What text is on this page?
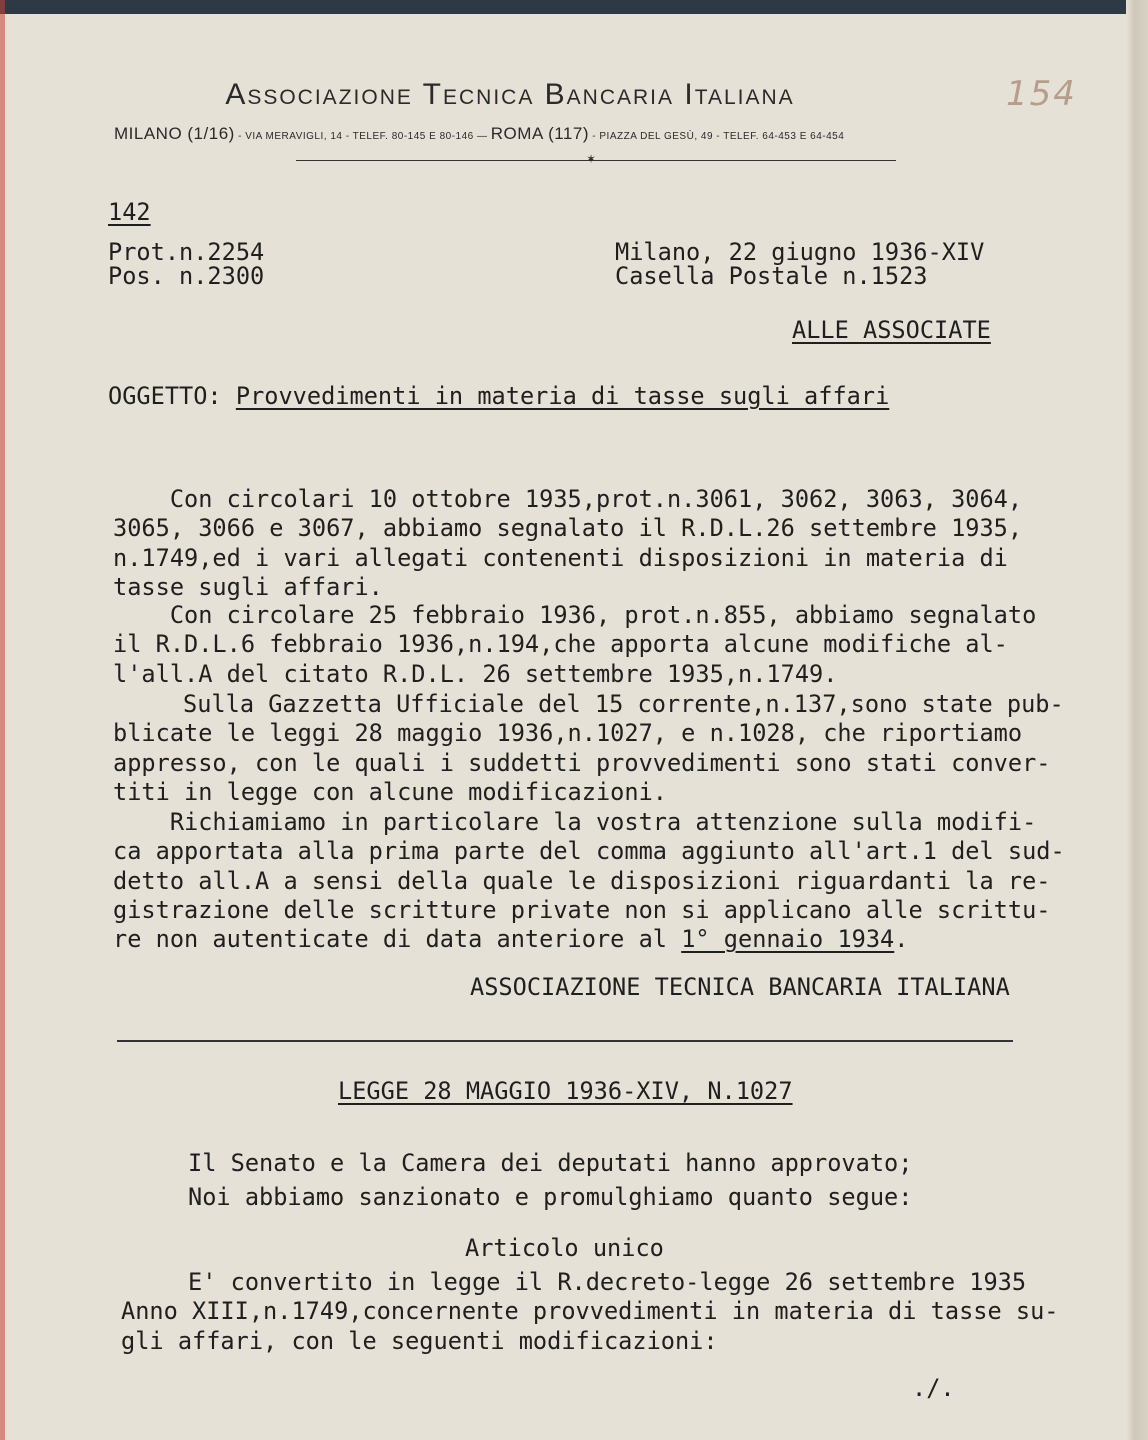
154
Associazione Tecnica Bancaria Italiana
MILANO (1/16) - VIA MERAVIGLI, 14 - TELEF. 80-145 E 80-146 — ROMA (117) - PIAZZA DEL GESÙ, 49 - TELEF. 64-453 E 64-454
✶
142
Prot.n.2254
Pos. n.2300
Milano, 22 giugno 1936-XIV
Casella Postale n.1523
ALLE ASSOCIATE
OGGETTO: Provvedimenti in materia di tasse sugli affari
Con circolari 10 ottobre 1935,prot.n.3061, 3062, 3063, 3064,
3065, 3066 e 3067, abbiamo segnalato il R.D.L.26 settembre 1935,
n.1749,ed i vari allegati contenenti disposizioni in materia di
tasse sugli affari.
Con circolare 25 febbraio 1936, prot.n.855, abbiamo segnalato
il R.D.L.6 febbraio 1936,n.194,che apporta alcune modifiche al-
l'all.A del citato R.D.L. 26 settembre 1935,n.1749.
Sulla Gazzetta Ufficiale del 15 corrente,n.137,sono state pub-
blicate le leggi 28 maggio 1936,n.1027, e n.1028, che riportiamo
appresso, con le quali i suddetti provvedimenti sono stati conver-
titi in legge con alcune modificazioni.
Richiamiamo in particolare la vostra attenzione sulla modifi-
ca apportata alla prima parte del comma aggiunto all'art.1 del sud-
detto all.A a sensi della quale le disposizioni riguardanti la re-
gistrazione delle scritture private non si applicano alle scrittu-
re non autenticate di data anteriore al 1° gennaio 1934.
ASSOCIAZIONE TECNICA BANCARIA ITALIANA
LEGGE 28 MAGGIO 1936-XIV, N.1027
Il Senato e la Camera dei deputati hanno approvato;
Noi abbiamo sanzionato e promulghiamo quanto segue:
Articolo unico
E' convertito in legge il R.decreto-legge 26 settembre 1935
Anno XIII,n.1749,concernente provvedimenti in materia di tasse su-
gli affari, con le seguenti modificazioni:
./.
